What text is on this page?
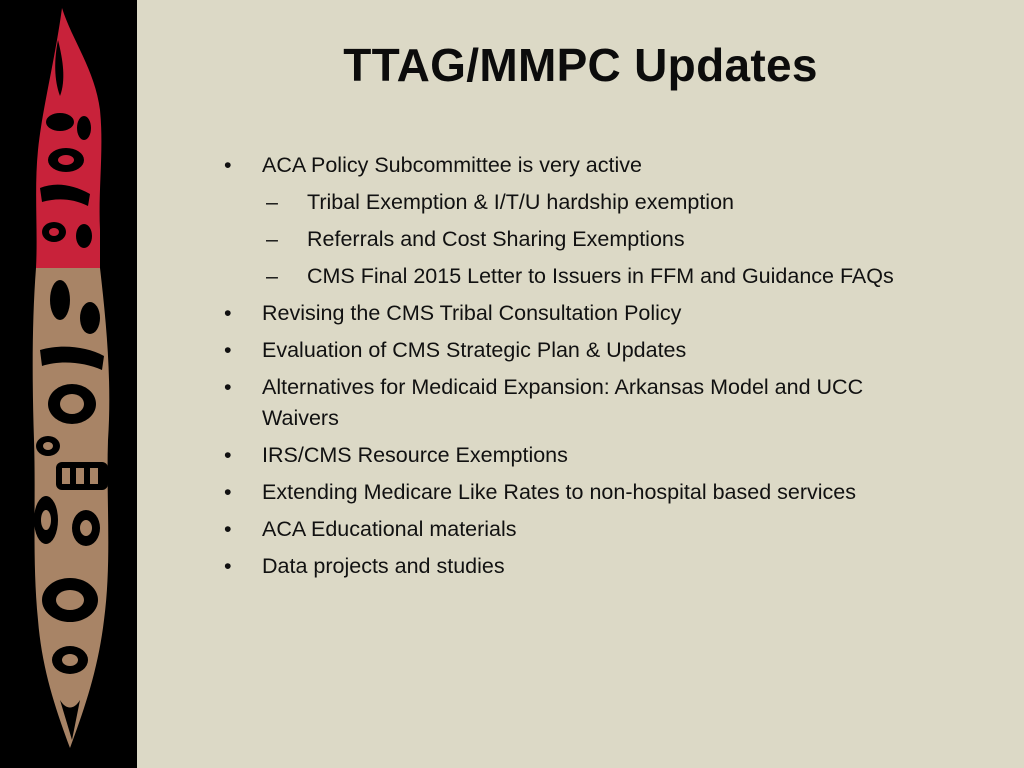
TTAG/MMPC Updates
• ACA Policy Subcommittee is very active
– Tribal Exemption & I/T/U hardship exemption
– Referrals and Cost Sharing Exemptions
– CMS Final 2015 Letter to Issuers in FFM and Guidance FAQs
• Revising the CMS Tribal Consultation Policy
• Evaluation of CMS Strategic Plan & Updates
• Alternatives for Medicaid Expansion: Arkansas Model and UCC Waivers
• IRS/CMS Resource Exemptions
• Extending Medicare Like Rates to non-hospital based services
• ACA Educational materials
• Data projects and studies
